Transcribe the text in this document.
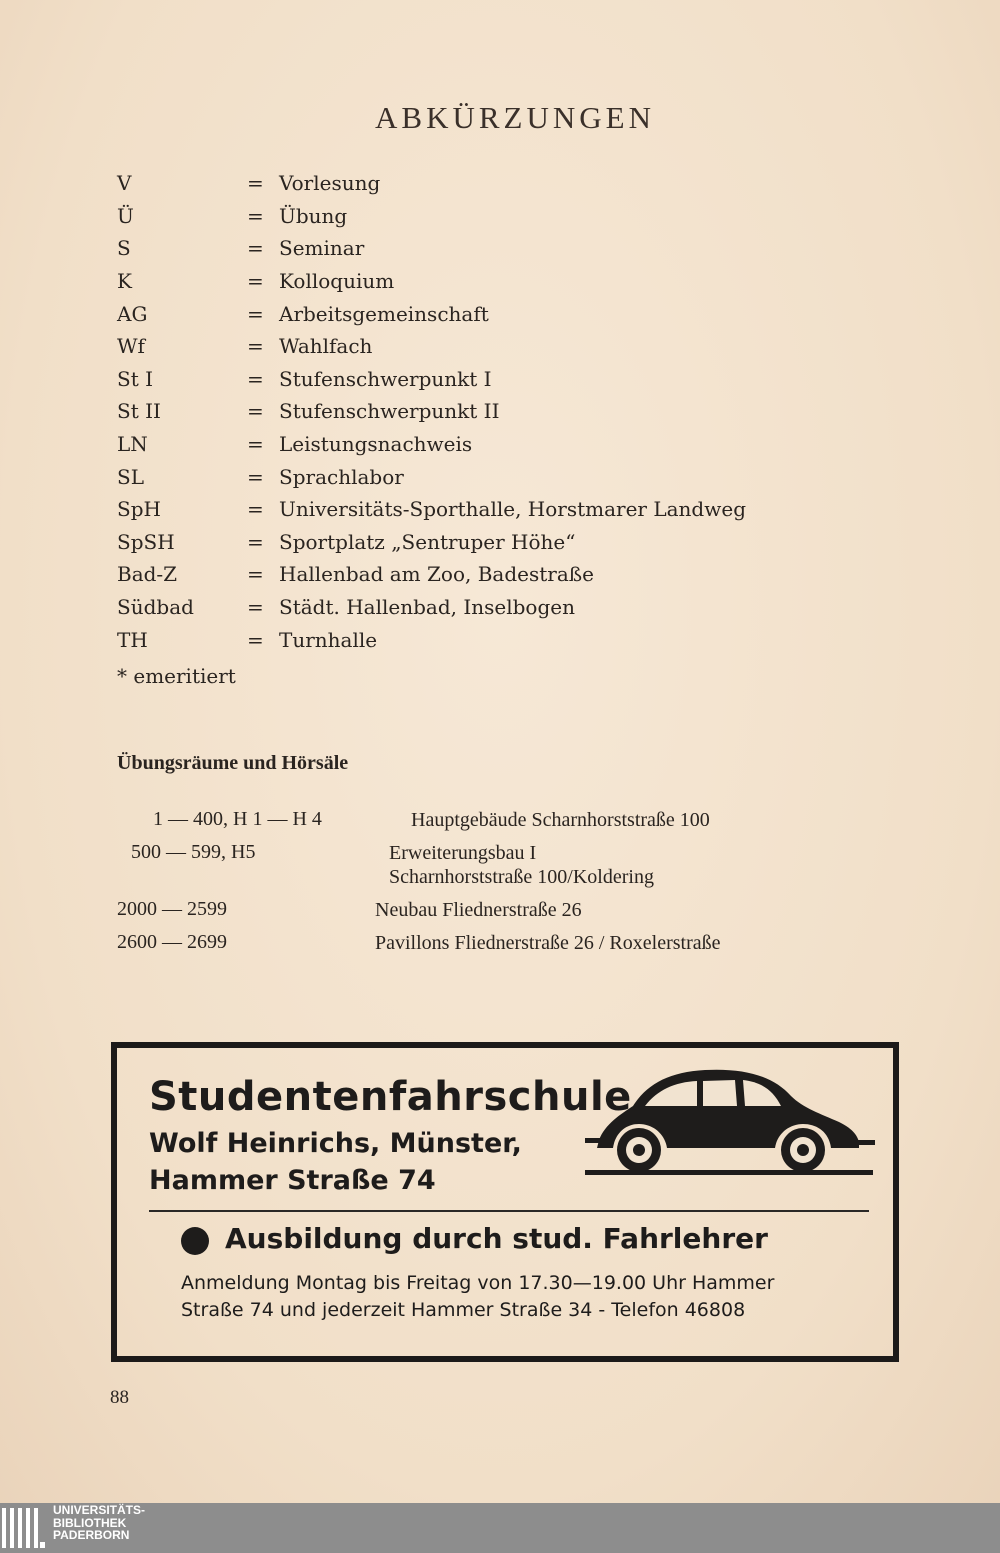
ABKÜRZUNGEN
V	= Vorlesung
Ü	= Übung
S	= Seminar
K	= Kolloquium
AG	= Arbeitsgemeinschaft
Wf	= Wahlfach
St I	= Stufenschwerpunkt I
St II	= Stufenschwerpunkt II
LN	= Leistungsnachweis
SL	= Sprachlabor
SpH	= Universitäts-Sporthalle, Horstmarer Landweg
SpSH	= Sportplatz „Sentruper Höhe“
Bad-Z	= Hallenbad am Zoo, Badestraße
Südbad	= Städt. Hallenbad, Inselbogen
TH	= Turnhalle
* emeritiert
Übungsräume und Hörsäle
1 — 400, H 1 — H 4	Hauptgebäude Scharnhorststraße 100
500 — 599, H5	Erweiterungsbau I
Scharnhorststraße 100/Koldering
2000 — 2599	Neubau Fliednerstraße 26
2600 — 2699	Pavillons Fliednerstraße 26 / Roxelerstraße
Studentenfahrschule
Wolf Heinrichs, Münster,
Hammer Straße 74
Ausbildung durch stud. Fahrlehrer
Anmeldung Montag bis Freitag von 17.30—19.00 Uhr Hammer
Straße 74 und jederzeit Hammer Straße 34 - Telefon 46808
88
UNIVERSITÄTS-
BIBLIOTHEK
PADERBORN
